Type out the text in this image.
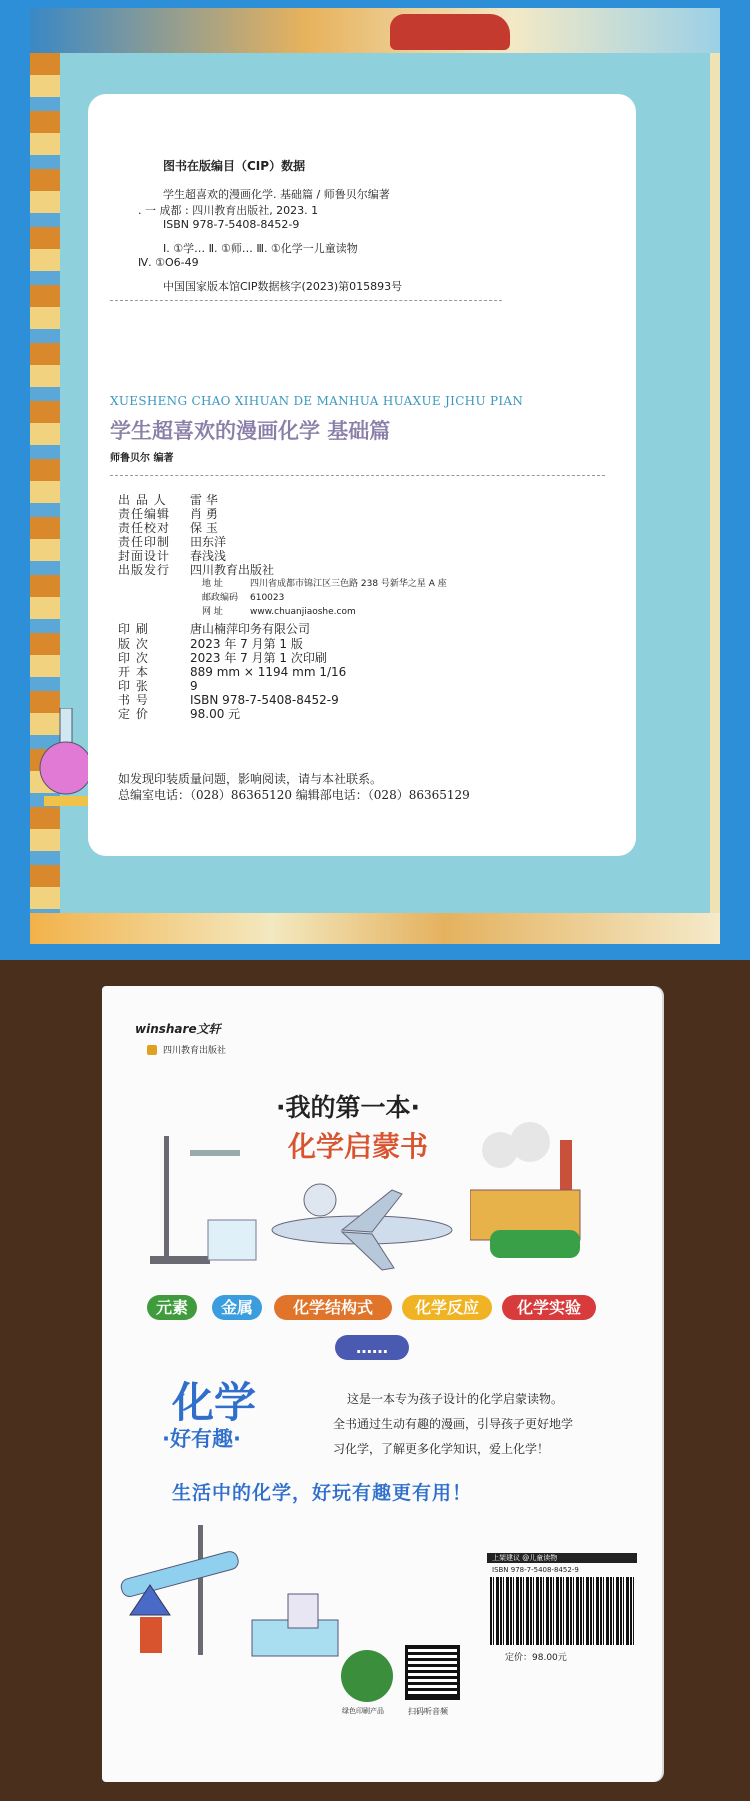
图书在版编目（CIP）数据
学生超喜欢的漫画化学. 基础篇 / 师鲁贝尔编著
. 一 成都 : 四川教育出版社, 2023. 1
ISBN 978-7-5408-8452-9
Ⅰ. ①学… Ⅱ. ①师… Ⅲ. ①化学一儿童读物
Ⅳ. ①O6-49
中国国家版本馆CIP数据核字(2023)第015893号
XUESHENG CHAO XIHUAN DE MANHUA HUAXUE JICHU PIAN
学生超喜欢的漫画化学 基础篇
师鲁贝尔 编著
出 品 人 雷 华
责任编辑 肖 勇
责任校对 保 玉
责任印制 田东洋
封面设计 春浅浅
出版发行 四川教育出版社
地 址	四川省成都市锦江区三色路 238 号新华之星 A 座
邮政编码 610023
网 址	www.chuanjiaoshe.com
印 刷	唐山楠萍印务有限公司
版 次	2023 年 7 月第 1 版
印 次	2023 年 7 月第 1 次印刷
开 本	889 mm × 1194 mm 1/16
印 张	9
书 号	ISBN 978-7-5408-8452-9
定 价	98.00 元
如发现印装质量问题，影响阅读，请与本社联系。
总编室电话：（028）86365120 编辑部电话：（028）86365129
winshare文轩
四川教育出版社
·我的第一本·
化学启蒙书
元素	金属	化学结构式	化学反应	化学实验
……
化学
·好有趣·
这是一本专为孩子设计的化学启蒙读物。
全书通过生动有趣的漫画，引导孩子更好地学
习化学，了解更多化学知识，爱上化学！
生活中的化学，好玩有趣更有用！
绿色印刷产品	扫码听音频
上架建议 @儿童读物
ISBN 978-7-5408-8452-9
定价：98.00元
